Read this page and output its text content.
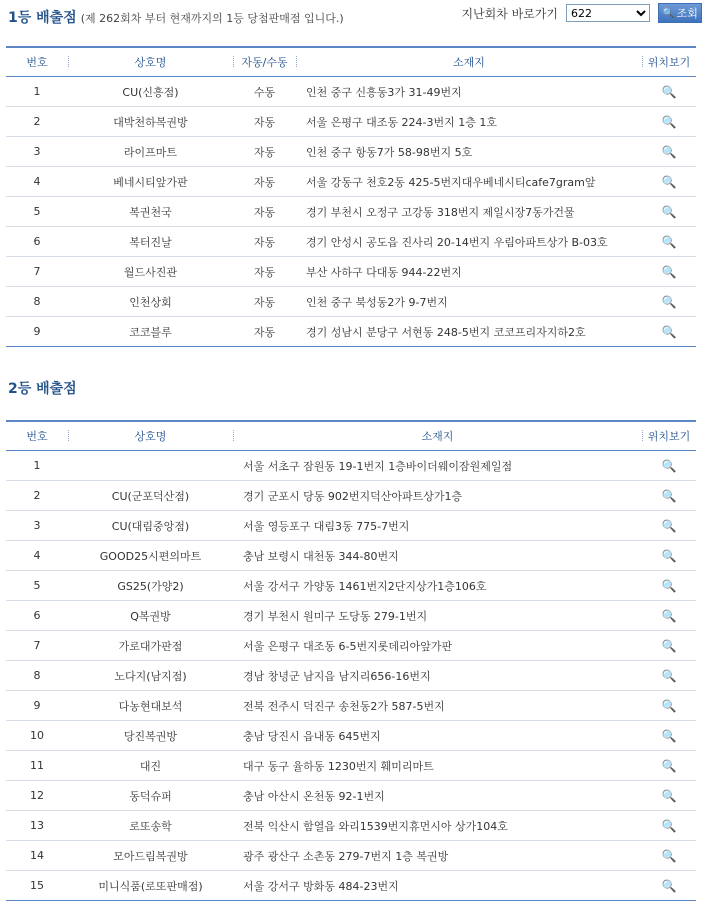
1등 배출점 (제 262회차 부터 현재까지의 1등 당첨판매점 입니다.)	지난회차 바로가기
622	🔍 조회
번호	상호명	자동/수동	소재지	위치보기
1	CU(신흥점)	수동	인천 중구 신흥동3가 31-49번지	🔍
2	대박천하복권방	자동	서울 은평구 대조동 224-3번지 1층 1호	🔍
3	라이프마트	자동	인천 중구 항동7가 58-98번지 5호	🔍
4	베네시티앞가판	자동	서울 강동구 천호2동 425-5번지대우베네시티cafe7gram앞	🔍
5	복권천국	자동	경기 부천시 오정구 고강동 318번지 제일시장7동가건물	🔍
6	복터진날	자동	경기 안성시 공도읍 진사리 20-14번지 우림아파트상가 B-03호	🔍
7	월드사진관	자동	부산 사하구 다대동 944-22번지	🔍
8	인천상회	자동	인천 중구 북성동2가 9-7번지	🔍
9	코코블루	자동	경기 성남시 분당구 서현동 248-5번지 코코프리자지하2호	🔍
2등 배출점
번호	상호명	소재지	위치보기
1		서울 서초구 잠원동 19-1번지 1층바이더웨이잠원제일점	🔍
2	CU(군포덕산점)	경기 군포시 당동 902번지덕산아파트상가1층	🔍
3	CU(대림중앙점)	서울 영등포구 대림3동 775-7번지	🔍
4	GOOD25시편의마트	충남 보령시 대천동 344-80번지	🔍
5	GS25(가양2)	서울 강서구 가양동 1461번지2단지상가1층106호	🔍
6	Q복권방	경기 부천시 원미구 도당동 279-1번지	🔍
7	가로대가판점	서울 은평구 대조동 6-5번지롯데리아앞가판	🔍
8	노다지(남지점)	경남 창녕군 남지읍 남지리656-16번지	🔍
9	다농현대보석	전북 전주시 덕진구 송천동2가 587-5번지	🔍
10	당진복권방	충남 당진시 읍내동 645번지	🔍
11	대진	대구 동구 율하동 1230번지 훼미리마트	🔍
12	동덕슈퍼	충남 아산시 온천동 92-1번지	🔍
13	로또송학	전북 익산시 함열읍 와리1539번지휴먼시아 상가104호	🔍
14	모아드림복권방	광주 광산구 소촌동 279-7번지 1층 복권방	🔍
15	미니식품(로또판매점)	서울 강서구 방화동 484-23번지	🔍
